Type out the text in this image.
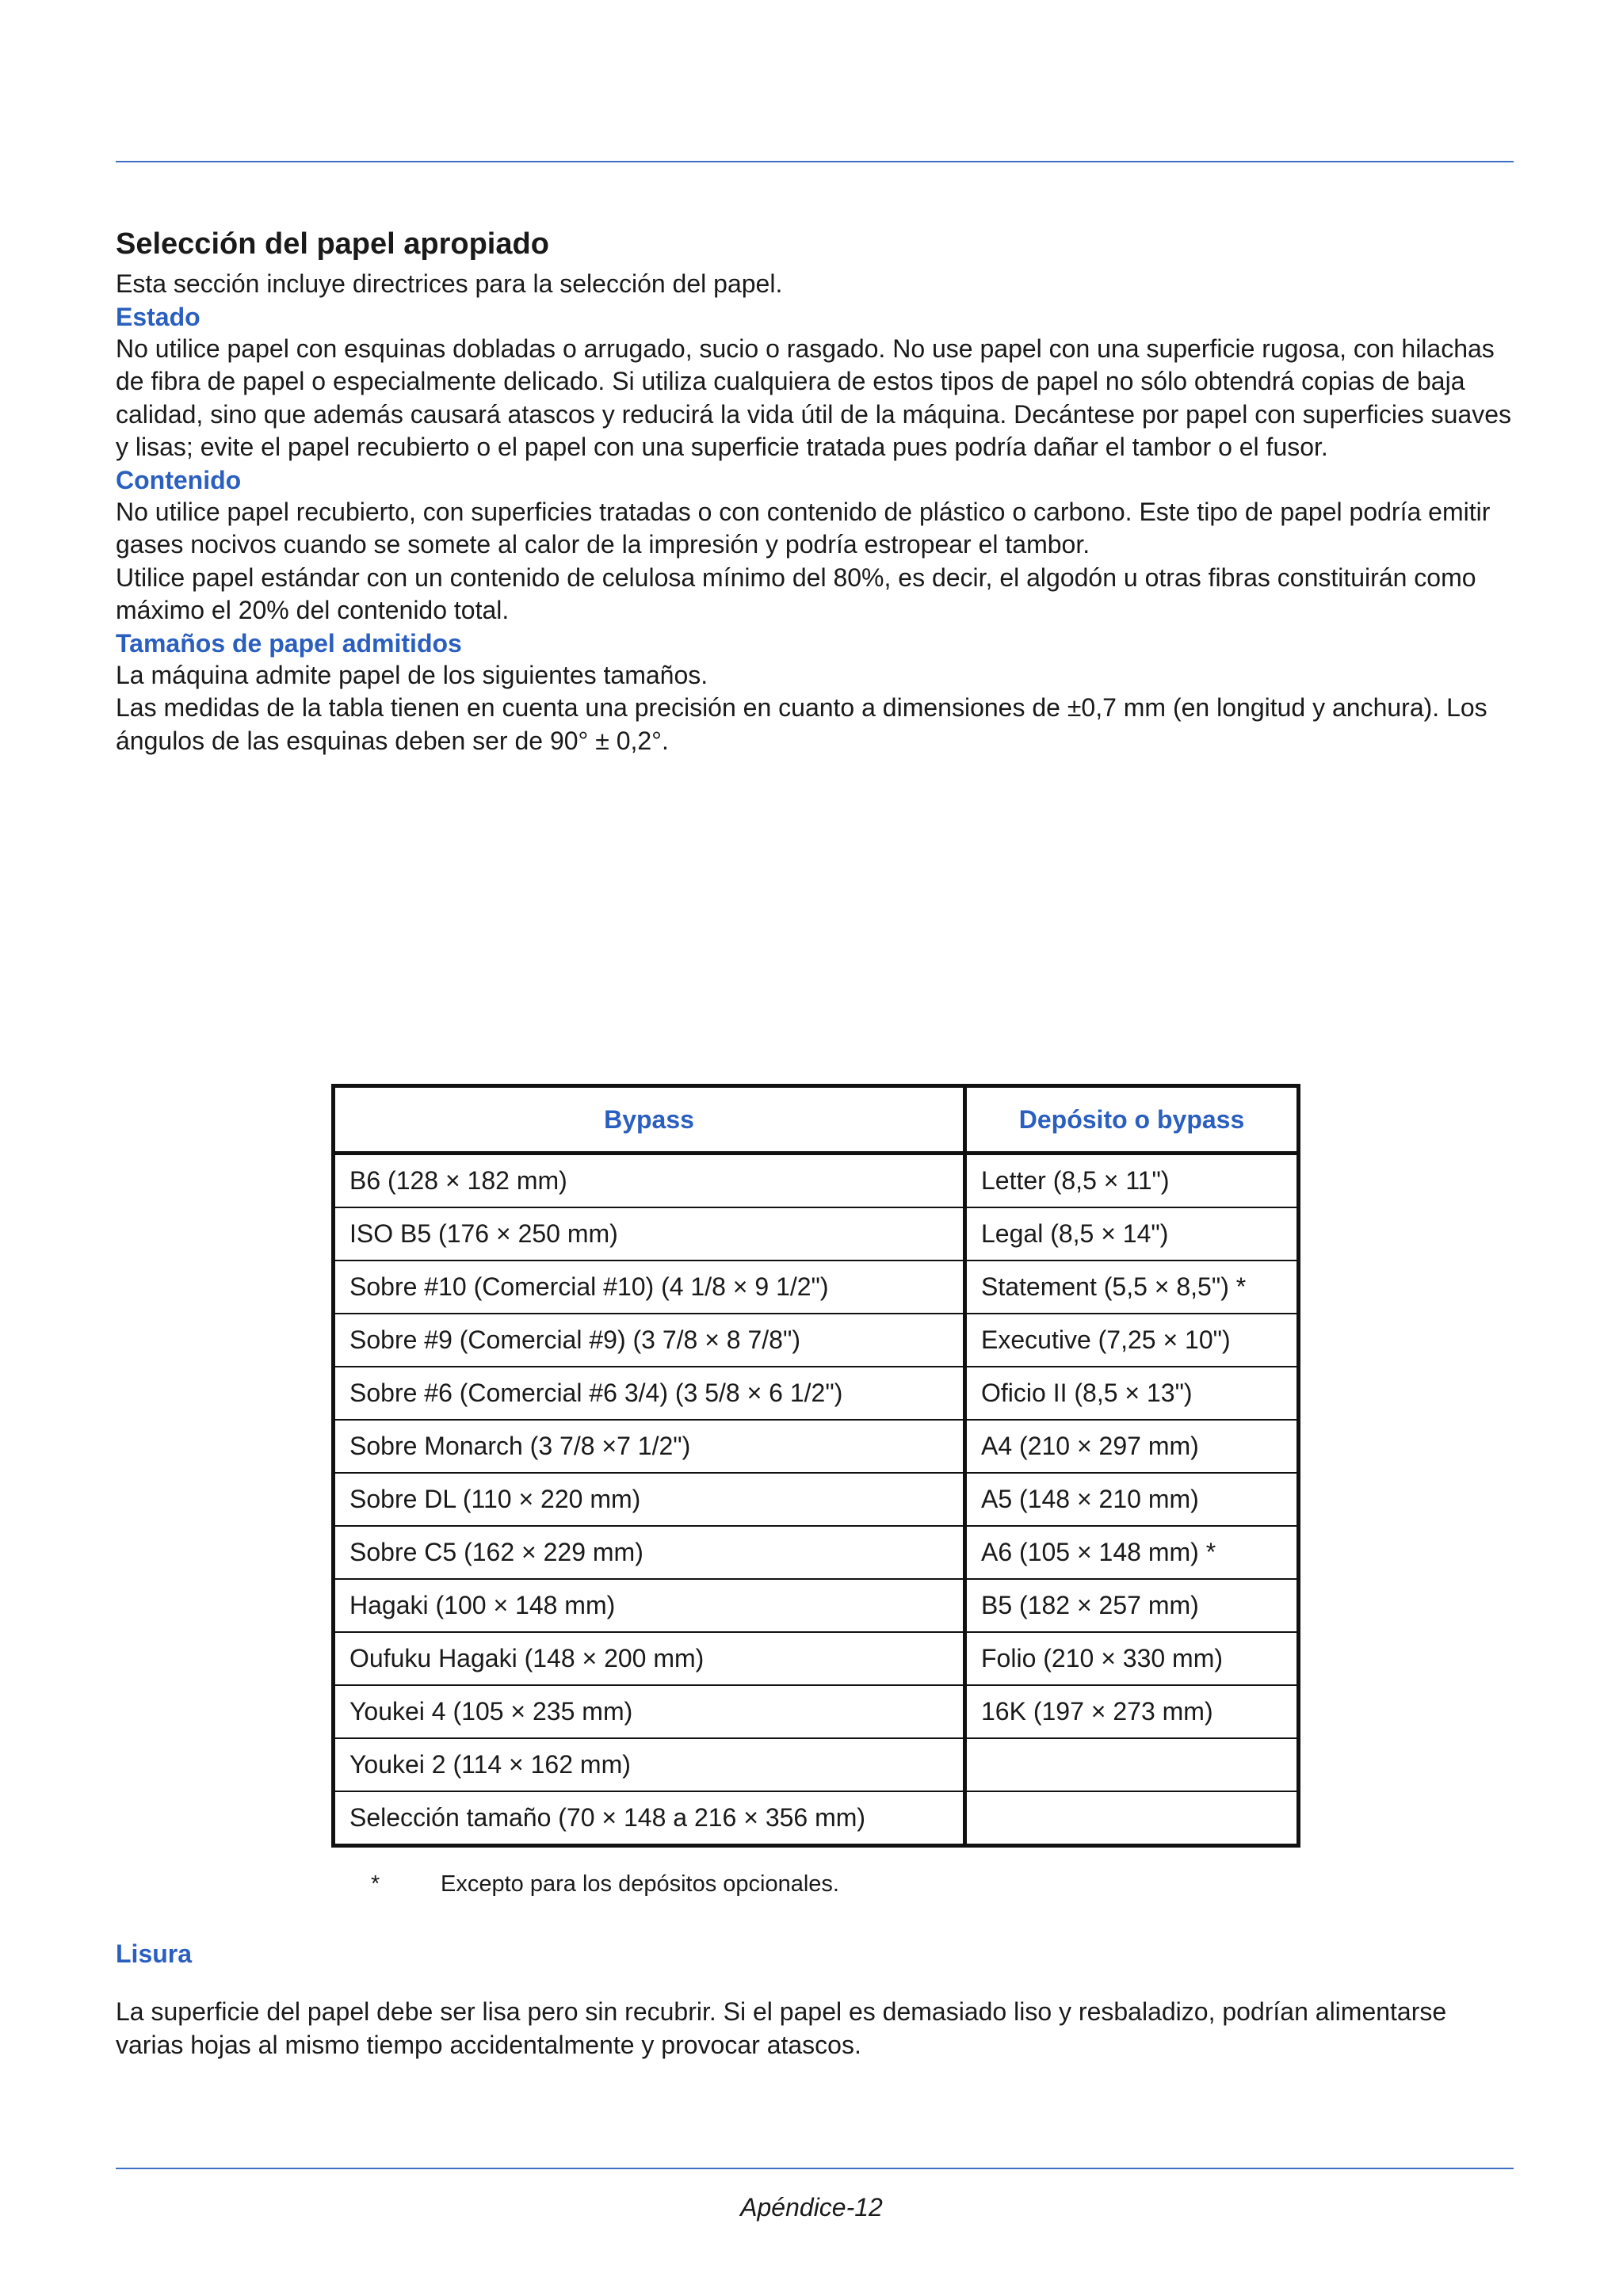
Selección del papel apropiado

Esta sección incluye directrices para la selección del papel.

Estado

No utilice papel con esquinas dobladas o arrugado, sucio o rasgado. No use papel con una superficie rugosa, con hilachas de fibra de papel o especialmente delicado. Si utiliza cualquiera de estos tipos de papel no sólo obtendrá copias de baja calidad, sino que además causará atascos y reducirá la vida útil de la máquina. Decántese por papel con superficies suaves y lisas; evite el papel recubierto o el papel con una superficie tratada pues podría dañar el tambor o el fusor.

Contenido

No utilice papel recubierto, con superficies tratadas o con contenido de plástico o carbono. Este tipo de papel podría emitir gases nocivos cuando se somete al calor de la impresión y podría estropear el tambor.

Utilice papel estándar con un contenido de celulosa mínimo del 80%, es decir, el algodón u otras fibras constituirán como máximo el 20% del contenido total.

Tamaños de papel admitidos

La máquina admite papel de los siguientes tamaños.

Las medidas de la tabla tienen en cuenta una precisión en cuanto a dimensiones de ±0,7 mm (en longitud y anchura). Los ángulos de las esquinas deben ser de 90° ± 0,2°.

Bypass	Depósito o bypass
B6 (128 × 182 mm)	Letter (8,5 × 11")
ISO B5 (176 × 250 mm)	Legal (8,5 × 14")
Sobre #10 (Comercial #10) (4 1/8 × 9 1/2")	Statement (5,5 × 8,5") *
Sobre #9 (Comercial #9) (3 7/8 × 8 7/8")	Executive (7,25 × 10")
Sobre #6 (Comercial #6 3/4) (3 5/8 × 6 1/2")	Oficio II (8,5 × 13")
Sobre Monarch (3 7/8 ×7 1/2")	A4 (210 × 297 mm)
Sobre DL (110 × 220 mm)	A5 (148 × 210 mm)
Sobre C5 (162 × 229 mm)	A6 (105 × 148 mm) *
Hagaki (100 × 148 mm)	B5 (182 × 257 mm)
Oufuku Hagaki (148 × 200 mm)	Folio (210 × 330 mm)
Youkei 4 (105 × 235 mm)	16K (197 × 273 mm)
Youkei 2 (114 × 162 mm)	
Selección tamaño (70 × 148 a 216 × 356 mm)	
*	Excepto para los depósitos opcionales.
Lisura

La superficie del papel debe ser lisa pero sin recubrir. Si el papel es demasiado liso y resbaladizo, podrían alimentarse varias hojas al mismo tiempo accidentalmente y provocar atascos.

Apéndice-12
